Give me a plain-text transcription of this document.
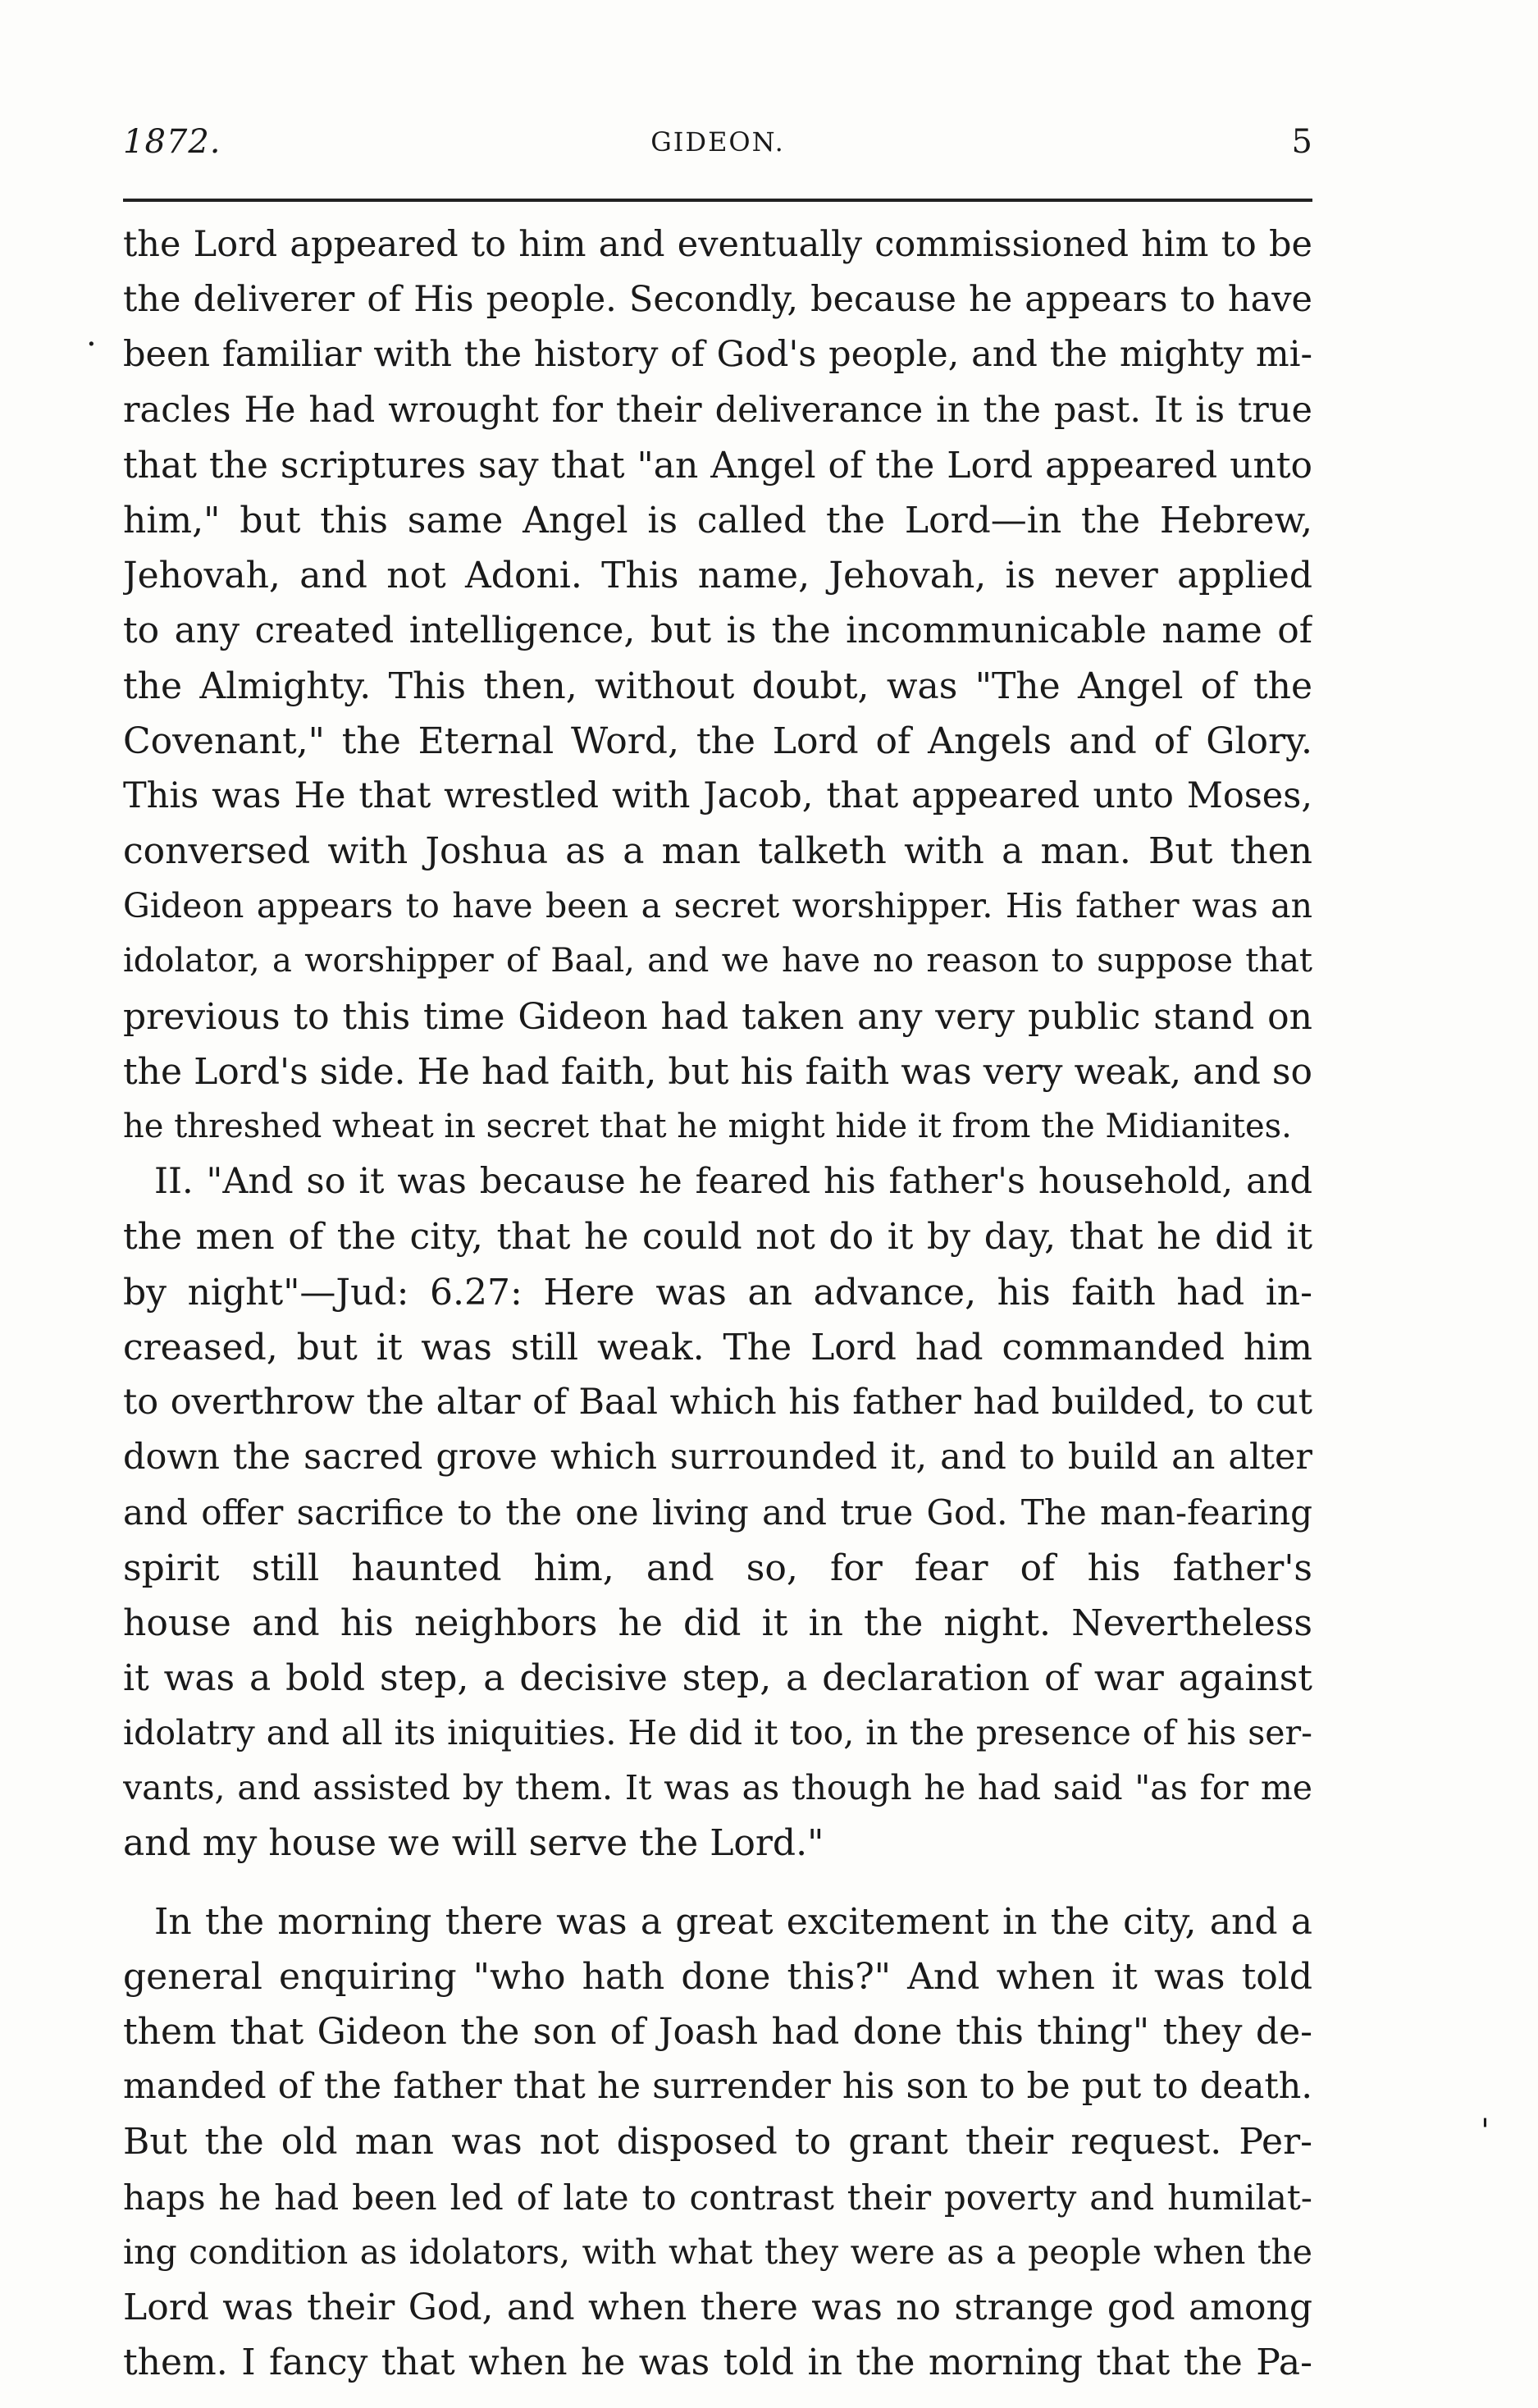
1872.	GIDEON.	5
.
'
the Lord appeared to him and eventually commissioned him to be
the deliverer of His people. Secondly, because he appears to have
been familiar with the history of God's people, and the mighty mi-
racles He had wrought for their deliverance in the past. It is true
that the scriptures say that "an Angel of the Lord appeared unto
him," but this same Angel is called the Lord—in the Hebrew,
Jehovah, and not Adoni. This name, Jehovah, is never applied
to any created intelligence, but is the incommunicable name of
the Almighty. This then, without doubt, was "The Angel of the
Covenant," the Eternal Word, the Lord of Angels and of Glory.
This was He that wrestled with Jacob, that appeared unto Moses,
conversed with Joshua as a man talketh with a man. But then
Gideon appears to have been a secret worshipper. His father was an
idolator, a worshipper of Baal, and we have no reason to suppose that
previous to this time Gideon had taken any very public stand on
the Lord's side. He had faith, but his faith was very weak, and so
he threshed wheat in secret that he might hide it from the Midianites.
II. "And so it was because he feared his father's household, and
the men of the city, that he could not do it by day, that he did it
by night"—Jud: 6.27: Here was an advance, his faith had in-
creased, but it was still weak. The Lord had commanded him
to overthrow the altar of Baal which his father had builded, to cut
down the sacred grove which surrounded it, and to build an alter
and offer sacrifice to the one living and true God. The man-fearing
spirit still haunted him, and so, for fear of his father's
house and his neighbors he did it in the night. Nevertheless
it was a bold step, a decisive step, a declaration of war against
idolatry and all its iniquities. He did it too, in the presence of his ser-
vants, and assisted by them. It was as though he had said "as for me
and my house we will serve the Lord."
In the morning there was a great excitement in the city, and a
general enquiring "who hath done this?" And when it was told
them that Gideon the son of Joash had done this thing" they de-
manded of the father that he surrender his son to be put to death.
But the old man was not disposed to grant their request. Per-
haps he had been led of late to contrast their poverty and humilat-
ing condition as idolators, with what they were as a people when the
Lord was their God, and when there was no strange god among
them. I fancy that when he was told in the morning that the Pa-
